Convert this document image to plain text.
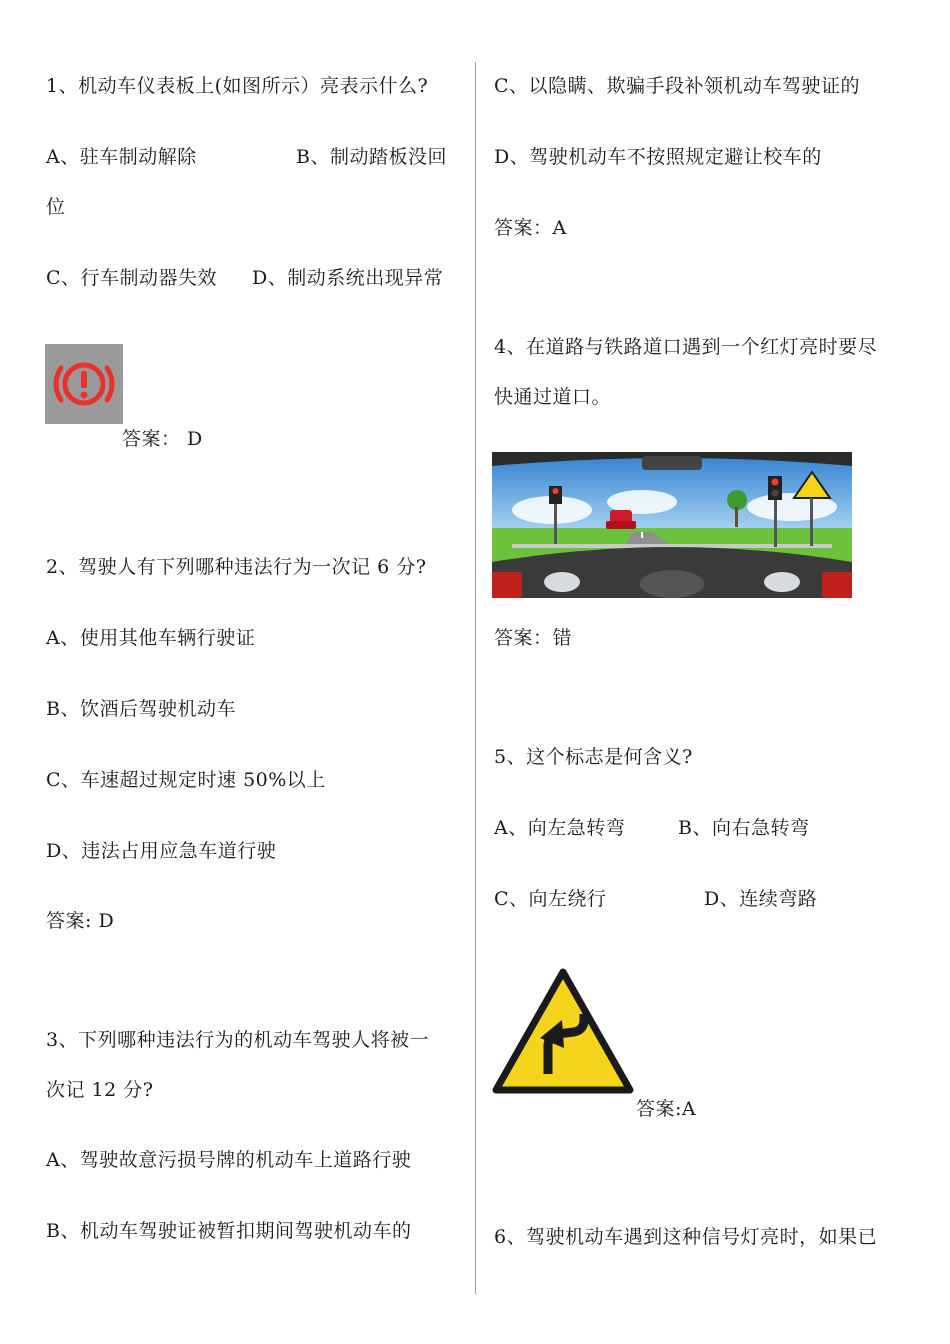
1、机动车仪表板上(如图所示）亮表示什么?
A、驻车制动解除	B、制动踏板没回
位
C、行车制动器失效 D、制动系统出现异常
答案： D
2、驾驶人有下列哪种违法行为一次记 6 分?
A、使用其他车辆行驶证
B、饮酒后驾驶机动车
C、车速超过规定时速 50%以上
D、违法占用应急车道行驶
答案: D
3、下列哪种违法行为的机动车驾驶人将被一
次记 12 分?
A、驾驶故意污损号牌的机动车上道路行驶
B、机动车驾驶证被暂扣期间驾驶机动车的
C、以隐瞒、欺骗手段补领机动车驾驶证的
D、驾驶机动车不按照规定避让校车的
答案：A
4、在道路与铁路道口遇到一个红灯亮时要尽
快通过道口。
答案：错
5、这个标志是何含义?
A、向左急转弯	B、向右急转弯
C、向左绕行	D、连续弯路
答案:A
6、驾驶机动车遇到这种信号灯亮时，如果已
